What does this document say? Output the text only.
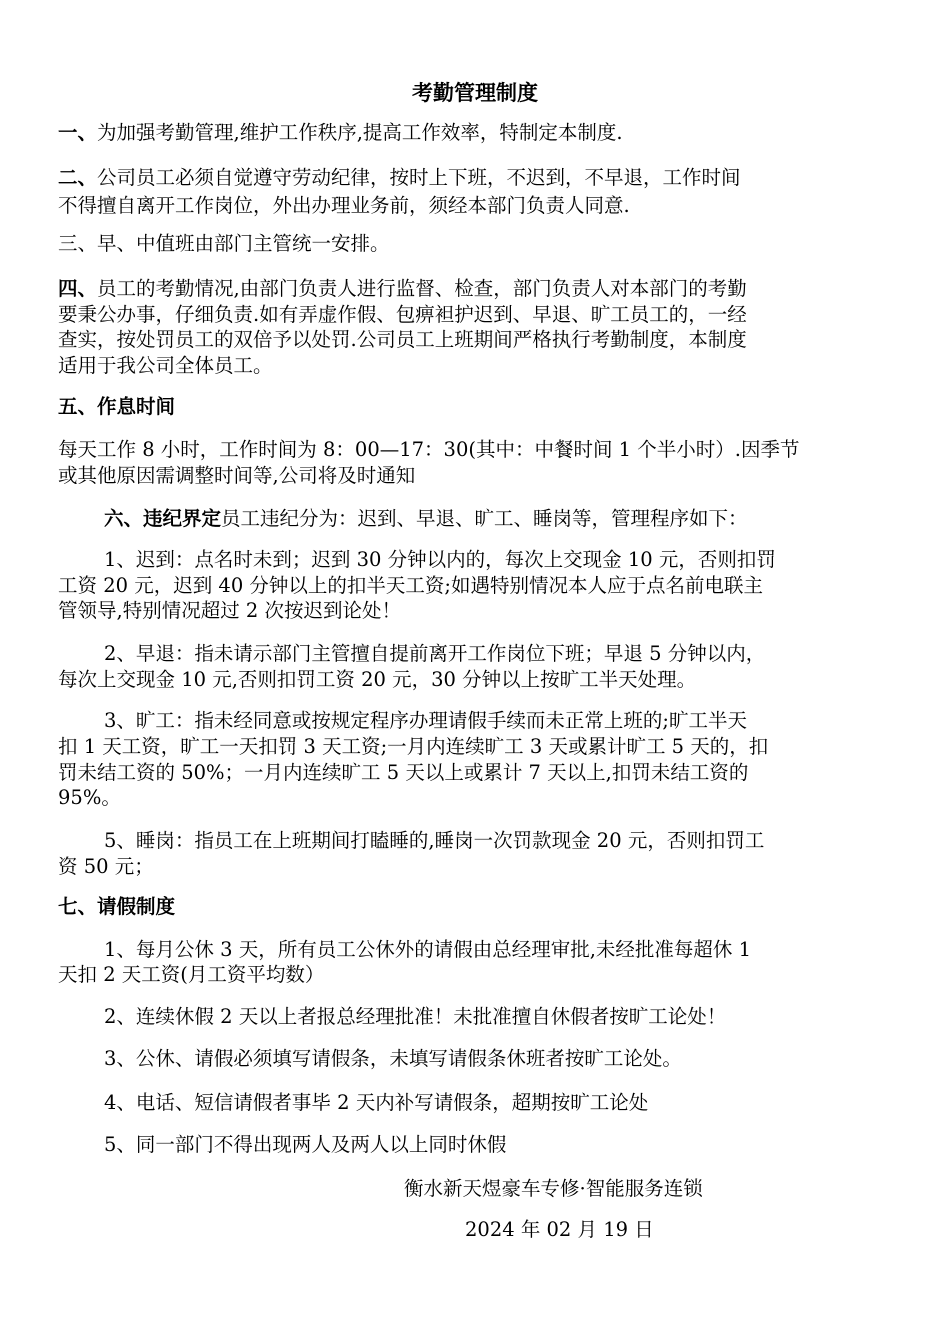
考勤管理制度
一、为加强考勤管理,维护工作秩序,提高工作效率，特制定本制度.
二、公司员工必须自觉遵守劳动纪律，按时上下班，不迟到，不早退，工作时间
不得擅自离开工作岗位，外出办理业务前，须经本部门负责人同意.
三、早、中值班由部门主管统一安排。
四、员工的考勤情况,由部门负责人进行监督、检查，部门负责人对本部门的考勤
要秉公办事，仔细负责.如有弄虚作假、包痹袒护迟到、早退、旷工员工的，一经
查实，按处罚员工的双倍予以处罚.公司员工上班期间严格执行考勤制度，本制度
适用于我公司全体员工。
五、作息时间
每天工作 8 小时，工作时间为 8：00—17：30(其中：中餐时间 1 个半小时）.因季节
或其他原因需调整时间等,公司将及时通知
六、违纪界定员工违纪分为：迟到、早退、旷工、睡岗等，管理程序如下：
1、迟到：点名时未到；迟到 30 分钟以内的，每次上交现金 10 元，否则扣罚
工资 20 元，迟到 40 分钟以上的扣半天工资;如遇特别情况本人应于点名前电联主
管领导,特别情况超过 2 次按迟到论处！
2、早退：指未请示部门主管擅自提前离开工作岗位下班；早退 5 分钟以内，
每次上交现金 10 元,否则扣罚工资 20 元，30 分钟以上按旷工半天处理。
3、旷工：指未经同意或按规定程序办理请假手续而未正常上班的;旷工半天
扣 1 天工资，旷工一天扣罚 3 天工资;一月内连续旷工 3 天或累计旷工 5 天的，扣
罚未结工资的 50%；一月内连续旷工 5 天以上或累计 7 天以上,扣罚未结工资的
95%。
5、睡岗：指员工在上班期间打瞌睡的,睡岗一次罚款现金 20 元，否则扣罚工
资 50 元；
七、请假制度
1、每月公休 3 天，所有员工公休外的请假由总经理审批,未经批准每超休 1
天扣 2 天工资(月工资平均数）
2、连续休假 2 天以上者报总经理批准！未批准擅自休假者按旷工论处！
3、公休、请假必须填写请假条，未填写请假条休班者按旷工论处。
4、电话、短信请假者事毕 2 天内补写请假条，超期按旷工论处
5、同一部门不得出现两人及两人以上同时休假
衡水新天煜豪车专修·智能服务连锁
2024 年 02 月 19 日
